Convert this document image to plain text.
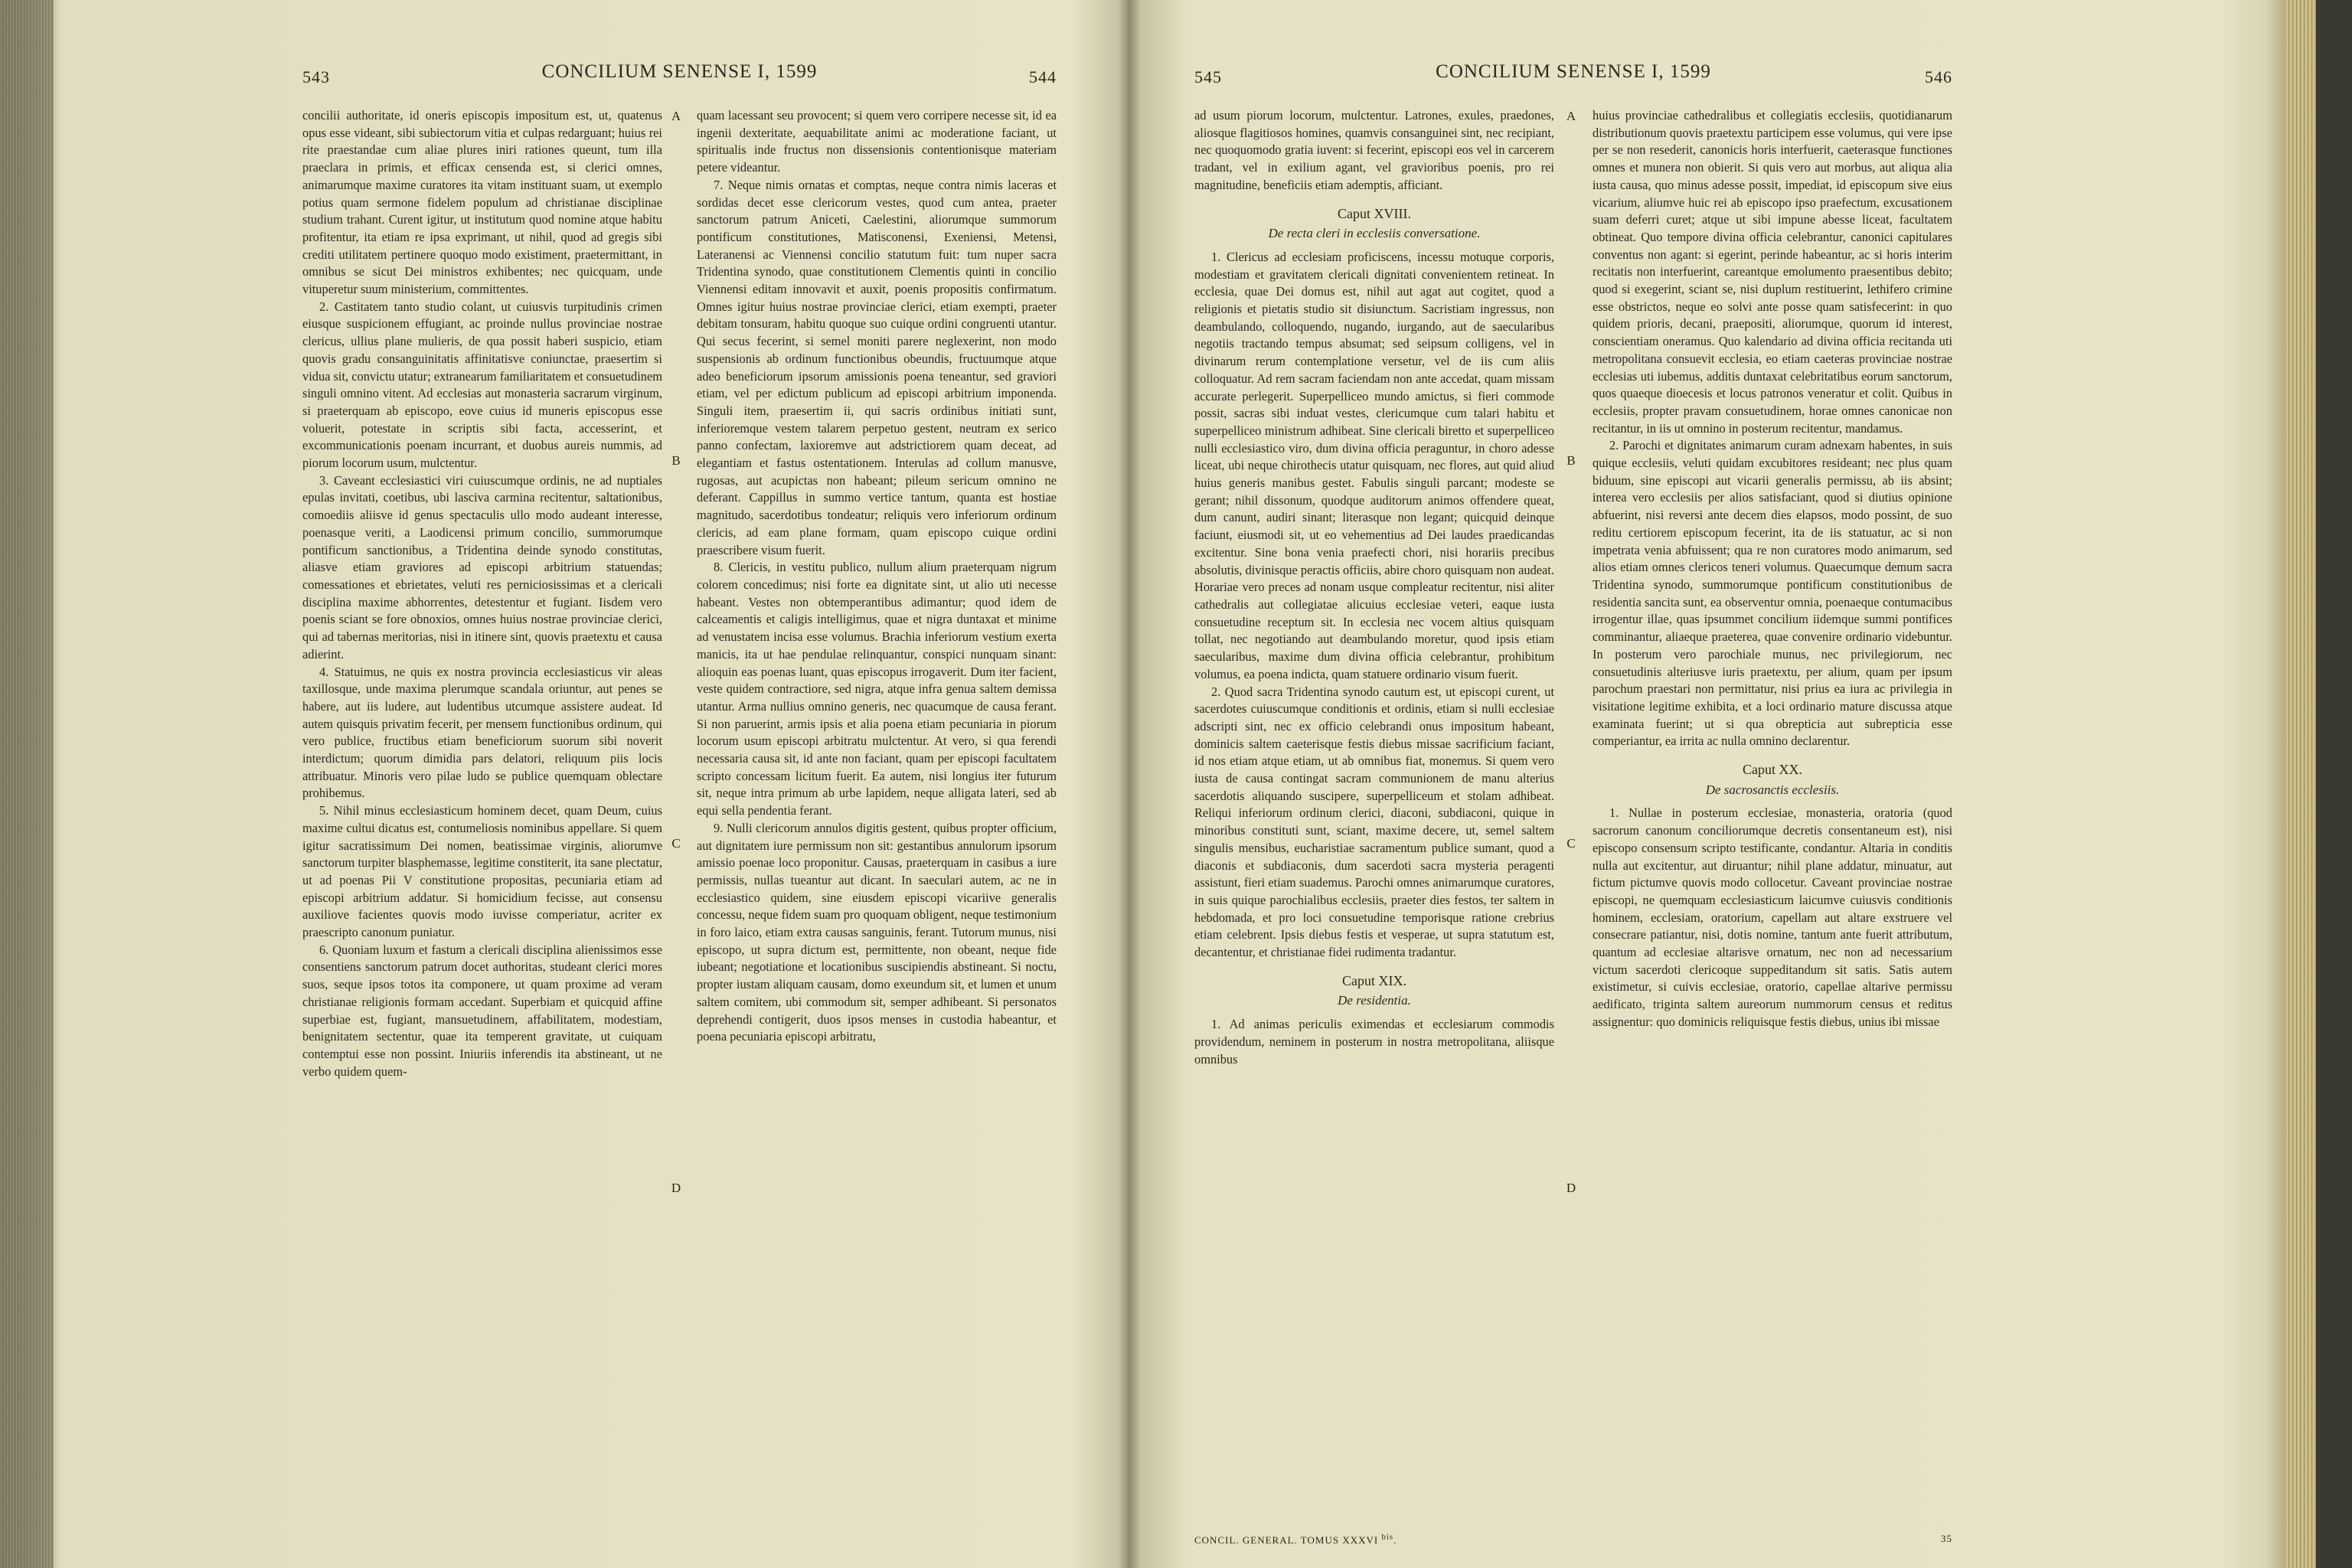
543	CONCILIUM SENENSE I, 1599	544

concilii authoritate, id oneris episcopis impositum est, ut, quatenus opus esse videant, sibi subiectorum vitia et culpas redarguant; huius rei rite praestandae cum aliae plures iniri rationes queunt, tum illa praeclara in primis, et efficax censenda est, si clerici omnes, animarumque maxime curatores ita vitam instituant suam, ut exemplo potius quam sermone fidelem populum ad christianae disciplinae studium trahant. Curent igitur, ut institutum quod nomine atque habitu profitentur, ita etiam re ipsa exprimant, ut nihil, quod ad gregis sibi crediti utilitatem pertinere quoquo modo existiment, praetermittant, in omnibus se sicut Dei ministros exhibentes; nec quicquam, unde vituperetur suum ministerium, committentes.

2. Castitatem tanto studio colant, ut cuiusvis turpitudinis crimen eiusque suspicionem effugiant, ac proinde nullus provinciae nostrae clericus, ullius plane mulieris, de qua possit haberi suspicio, etiam quovis gradu consanguinitatis affinitatisve coniunctae, praesertim si vidua sit, convictu utatur; extranearum familiaritatem et consuetudinem singuli omnino vitent. Ad ecclesias aut monasteria sacrarum virginum, si praeterquam ab episcopo, eove cuius id muneris episcopus esse voluerit, potestate in scriptis sibi facta, accesserint, et excommunicationis poenam incurrant, et duobus aureis nummis, ad piorum locorum usum, mulctentur.

3. Caveant ecclesiastici viri cuiuscumque ordinis, ne ad nuptiales epulas invitati, coetibus, ubi lasciva carmina recitentur, saltationibus, comoediis aliisve id genus spectaculis ullo modo audeant interesse, poenasque veriti, a Laodicensi primum concilio, summorumque pontificum sanctionibus, a Tridentina deinde synodo constitutas, aliasve etiam graviores ad episcopi arbitrium statuendas; comessationes et ebrietates, veluti res perniciosissimas et a clericali disciplina maxime abhorrentes, detestentur et fugiant. Iisdem vero poenis sciant se fore obnoxios, omnes huius nostrae provinciae clerici, qui ad tabernas meritorias, nisi in itinere sint, quovis praetextu et causa adierint.

4. Statuimus, ne quis ex nostra provincia ecclesiasticus vir aleas taxillosque, unde maxima plerumque scandala oriuntur, aut penes se habere, aut iis ludere, aut ludentibus utcumque assistere audeat. Id autem quisquis privatim fecerit, per mensem functionibus ordinum, qui vero publice, fructibus etiam beneficiorum suorum sibi noverit interdictum; quorum dimidia pars delatori, reliquum piis locis attribuatur. Minoris vero pilae ludo se publice quemquam oblectare prohibemus.

5. Nihil minus ecclesiasticum hominem decet, quam Deum, cuius maxime cultui dicatus est, contumeliosis nominibus appellare. Si quem igitur sacratissimum Dei nomen, beatissimae virginis, aliorumve sanctorum turpiter blasphemasse, legitime constiterit, ita sane plectatur, ut ad poenas Pii V constitutione propositas, pecuniaria etiam ad episcopi arbitrium addatur. Si homicidium fecisse, aut consensu auxiliove facientes quovis modo iuvisse comperiatur, acriter ex praescripto canonum puniatur.

6. Quoniam luxum et fastum a clericali disciplina alienissimos esse consentiens sanctorum patrum docet authoritas, studeant clerici mores suos, seque ipsos totos ita componere, ut quam proxime ad veram christianae religionis formam accedant. Superbiam et quicquid affine superbiae est, fugiant, mansuetudinem, affabilitatem, modestiam, benignitatem sectentur, quae ita temperent gravitate, ut cuiquam contemptui esse non possint. Iniuriis inferendis ita abstineant, ut ne verbo quidem quem-

A
B
C
D

quam lacessant seu provocent; si quem vero corripere necesse sit, id ea ingenii dexteritate, aequabilitate animi ac moderatione faciant, ut spiritualis inde fructus non dissensionis contentionisque materiam petere videantur.

7. Neque nimis ornatas et comptas, neque contra nimis laceras et sordidas decet esse clericorum vestes, quod cum antea, praeter sanctorum patrum Aniceti, Caelestini, aliorumque summorum pontificum constitutiones, Matisconensi, Exeniensi, Metensi, Lateranensi ac Viennensi concilio statutum fuit: tum nuper sacra Tridentina synodo, quae constitutionem Clementis quinti in concilio Viennensi editam innovavit et auxit, poenis propositis confirmatum. Omnes igitur huius nostrae provinciae clerici, etiam exempti, praeter debitam tonsuram, habitu quoque suo cuique ordini congruenti utantur. Qui secus fecerint, si semel moniti parere neglexerint, non modo suspensionis ab ordinum functionibus obeundis, fructuumque atque adeo beneficiorum ipsorum amissionis poena teneantur, sed graviori etiam, vel per edictum publicum ad episcopi arbitrium imponenda. Singuli item, praesertim ii, qui sacris ordinibus initiati sunt, inferioremque vestem talarem perpetuo gestent, neutram ex serico panno confectam, laxioremve aut adstrictiorem quam deceat, ad elegantiam et fastus ostentationem. Interulas ad collum manusve, rugosas, aut acupictas non habeant; pileum sericum omnino ne deferant. Cappillus in summo vertice tantum, quanta est hostiae magnitudo, sacerdotibus tondeatur; reliquis vero inferiorum ordinum clericis, ad eam plane formam, quam episcopo cuique ordini praescribere visum fuerit.

8. Clericis, in vestitu publico, nullum alium praeterquam nigrum colorem concedimus; nisi forte ea dignitate sint, ut alio uti necesse habeant. Vestes non obtemperantibus adimantur; quod idem de calceamentis et caligis intelligimus, quae et nigra duntaxat et minime ad venustatem incisa esse volumus. Brachia inferiorum vestium exerta manicis, ita ut hae pendulae relinquantur, conspici nunquam sinant: alioquin eas poenas luant, quas episcopus irrogaverit. Dum iter facient, veste quidem contractiore, sed nigra, atque infra genua saltem demissa utantur. Arma nullius omnino generis, nec quacumque de causa ferant. Si non paruerint, armis ipsis et alia poena etiam pecuniaria in piorum locorum usum episcopi arbitratu mulctentur. At vero, si qua ferendi necessaria causa sit, id ante non faciant, quam per episcopi facultatem scripto concessam licitum fuerit. Ea autem, nisi longius iter futurum sit, neque intra primum ab urbe lapidem, neque alligata lateri, sed ab equi sella pendentia ferant.

9. Nulli clericorum annulos digitis gestent, quibus propter officium, aut dignitatem iure permissum non sit: gestantibus annulorum ipsorum amissio poenae loco proponitur. Causas, praeterquam in casibus a iure permissis, nullas tueantur aut dicant. In saeculari autem, ac ne in ecclesiastico quidem, sine eiusdem episcopi vicariive generalis concessu, neque fidem suam pro quoquam obligent, neque testimonium in foro laico, etiam extra causas sanguinis, ferant. Tutorum munus, nisi episcopo, ut supra dictum est, permittente, non obeant, neque fide iubeant; negotiatione et locationibus suscipiendis abstineant. Si noctu, propter iustam aliquam causam, domo exeundum sit, et lumen et unum saltem comitem, ubi commodum sit, semper adhibeant. Si personatos deprehendi contigerit, duos ipsos menses in custodia habeantur, et poena pecuniaria episcopi arbitratu,

545	CONCILIUM SENENSE I, 1599	546

ad usum piorum locorum, mulctentur. Latrones, exules, praedones, aliosque flagitiosos homines, quamvis consanguinei sint, nec recipiant, nec quoquomodo gratia iuvent: si fecerint, episcopi eos vel in carcerem tradant, vel in exilium agant, vel gravioribus poenis, pro rei magnitudine, beneficiis etiam ademptis, afficiant.

Caput XVIII.
De recta cleri in ecclesiis conversatione.

1. Clericus ad ecclesiam proficiscens, incessu motuque corporis, modestiam et gravitatem clericali dignitati convenientem retineat. In ecclesia, quae Dei domus est, nihil aut agat aut cogitet, quod a religionis et pietatis studio sit disiunctum. Sacristiam ingressus, non deambulando, colloquendo, nugando, iurgando, aut de saecularibus negotiis tractando tempus absumat; sed seipsum colligens, vel in divinarum rerum contemplatione versetur, vel de iis cum aliis colloquatur. Ad rem sacram faciendam non ante accedat, quam missam accurate perlegerit. Superpelliceo mundo amictus, si fieri commode possit, sacras sibi induat vestes, clericumque cum talari habitu et superpelliceo ministrum adhibeat. Sine clericali biretto et superpelliceo nulli ecclesiastico viro, dum divina officia peraguntur, in choro adesse liceat, ubi neque chirothecis utatur quisquam, nec flores, aut quid aliud huius generis manibus gestet. Fabulis singuli parcant; modeste se gerant; nihil dissonum, quodque auditorum animos offendere queat, dum canunt, audiri sinant; literasque non legant; quicquid deinque faciunt, eiusmodi sit, ut eo vehementius ad Dei laudes praedicandas excitentur. Sine bona venia praefecti chori, nisi horariis precibus absolutis, divinisque peractis officiis, abire choro quisquam non audeat. Horariae vero preces ad nonam usque compleatur recitentur, nisi aliter cathedralis aut collegiatae alicuius ecclesiae veteri, eaque iusta consuetudine receptum sit. In ecclesia nec vocem altius quisquam tollat, nec negotiando aut deambulando moretur, quod ipsis etiam saecularibus, maxime dum divina officia celebrantur, prohibitum volumus, ea poena indicta, quam statuere ordinario visum fuerit.

2. Quod sacra Tridentina synodo cautum est, ut episcopi curent, ut sacerdotes cuiuscumque conditionis et ordinis, etiam si nulli ecclesiae adscripti sint, nec ex officio celebrandi onus impositum habeant, dominicis saltem caeterisque festis diebus missae sacrificium faciant, id nos etiam atque etiam, ut ab omnibus fiat, monemus. Si quem vero iusta de causa contingat sacram communionem de manu alterius sacerdotis aliquando suscipere, superpelliceum et stolam adhibeat. Reliqui inferiorum ordinum clerici, diaconi, subdiaconi, quique in minoribus constituti sunt, sciant, maxime decere, ut, semel saltem singulis mensibus, eucharistiae sacramentum publice sumant, quod a diaconis et subdiaconis, dum sacerdoti sacra mysteria peragenti assistunt, fieri etiam suademus. Parochi omnes animarumque curatores, in suis quique parochialibus ecclesiis, praeter dies festos, ter saltem in hebdomada, et pro loci consuetudine temporisque ratione crebrius etiam celebrent. Ipsis diebus festis et vesperae, ut supra statutum est, decantentur, et christianae fidei rudimenta tradantur.

Caput XIX.
De residentia.

1. Ad animas periculis eximendas et ecclesiarum commodis providendum, neminem in posterum in nostra metropolitana, aliisque omnibus

A
B
C
D

huius provinciae cathedralibus et collegiatis ecclesiis, quotidianarum distributionum quovis praetextu participem esse volumus, qui vere ipse per se non resederit, canonicis horis interfuerit, caeterasque functiones omnes et munera non obierit. Si quis vero aut morbus, aut aliqua alia iusta causa, quo minus adesse possit, impediat, id episcopum sive eius vicarium, aliumve huic rei ab episcopo ipso praefectum, excusationem suam deferri curet; atque ut sibi impune abesse liceat, facultatem obtineat. Quo tempore divina officia celebrantur, canonici capitulares conventus non agant: si egerint, perinde habeantur, ac si horis interim recitatis non interfuerint, careantque emolumento praesentibus debito; quod si exegerint, sciant se, nisi duplum restituerint, lethifero crimine esse obstrictos, neque eo solvi ante posse quam satisfecerint: in quo quidem prioris, decani, praepositi, aliorumque, quorum id interest, conscientiam oneramus. Quo kalendario ad divina officia recitanda uti metropolitana consuevit ecclesia, eo etiam caeteras provinciae nostrae ecclesias uti iubemus, additis duntaxat celebritatibus eorum sanctorum, quos quaeque dioecesis et locus patronos veneratur et colit. Quibus in ecclesiis, propter pravam consuetudinem, horae omnes canonicae non recitantur, in iis ut omnino in posterum recitentur, mandamus.

2. Parochi et dignitates animarum curam adnexam habentes, in suis quique ecclesiis, veluti quidam excubitores resideant; nec plus quam biduum, sine episcopi aut vicarii generalis permissu, ab iis absint; interea vero ecclesiis per alios satisfaciant, quod si diutius opinione abfuerint, nisi reversi ante decem dies elapsos, modo possint, de suo reditu certiorem episcopum fecerint, ita de iis statuatur, ac si non impetrata venia abfuissent; qua re non curatores modo animarum, sed alios etiam omnes clericos teneri volumus. Quaecumque demum sacra Tridentina synodo, summorumque pontificum constitutionibus de residentia sancita sunt, ea observentur omnia, poenaeque contumacibus irrogentur illae, quas ipsummet concilium iidemque summi pontifices comminantur, aliaeque praeterea, quae convenire ordinario videbuntur. In posterum vero parochiale munus, nec privilegiorum, nec consuetudinis alteriusve iuris praetextu, per alium, quam per ipsum parochum praestari non permittatur, nisi prius ea iura ac privilegia in visitatione legitime exhibita, et a loci ordinario mature discussa atque examinata fuerint; ut si qua obrepticia aut subrepticia esse comperiantur, ea irrita ac nulla omnino declarentur.

Caput XX.
De sacrosanctis ecclesiis.

1. Nullae in posterum ecclesiae, monasteria, oratoria (quod sacrorum canonum conciliorumque decretis consentaneum est), nisi episcopo consensum scripto testificante, condantur. Altaria in conditis nulla aut excitentur, aut diruantur; nihil plane addatur, minuatur, aut fictum pictumve quovis modo collocetur. Caveant provinciae nostrae episcopi, ne quemquam ecclesiasticum laicumve cuiusvis conditionis hominem, ecclesiam, oratorium, capellam aut altare exstruere vel consecrare patiantur, nisi, dotis nomine, tantum ante fuerit attributum, quantum ad ecclesiae altarisve ornatum, nec non ad necessarium victum sacerdoti clericoque suppeditandum sit satis. Satis autem existimetur, si cuivis ecclesiae, oratorio, capellae altarive permissu aedificato, triginta saltem aureorum nummorum census et reditus assignentur: quo dominicis reliquisque festis diebus, unius ibi missae

CONCIL. GENERAL. TOMUS XXXVI $^{bis}$.	35
